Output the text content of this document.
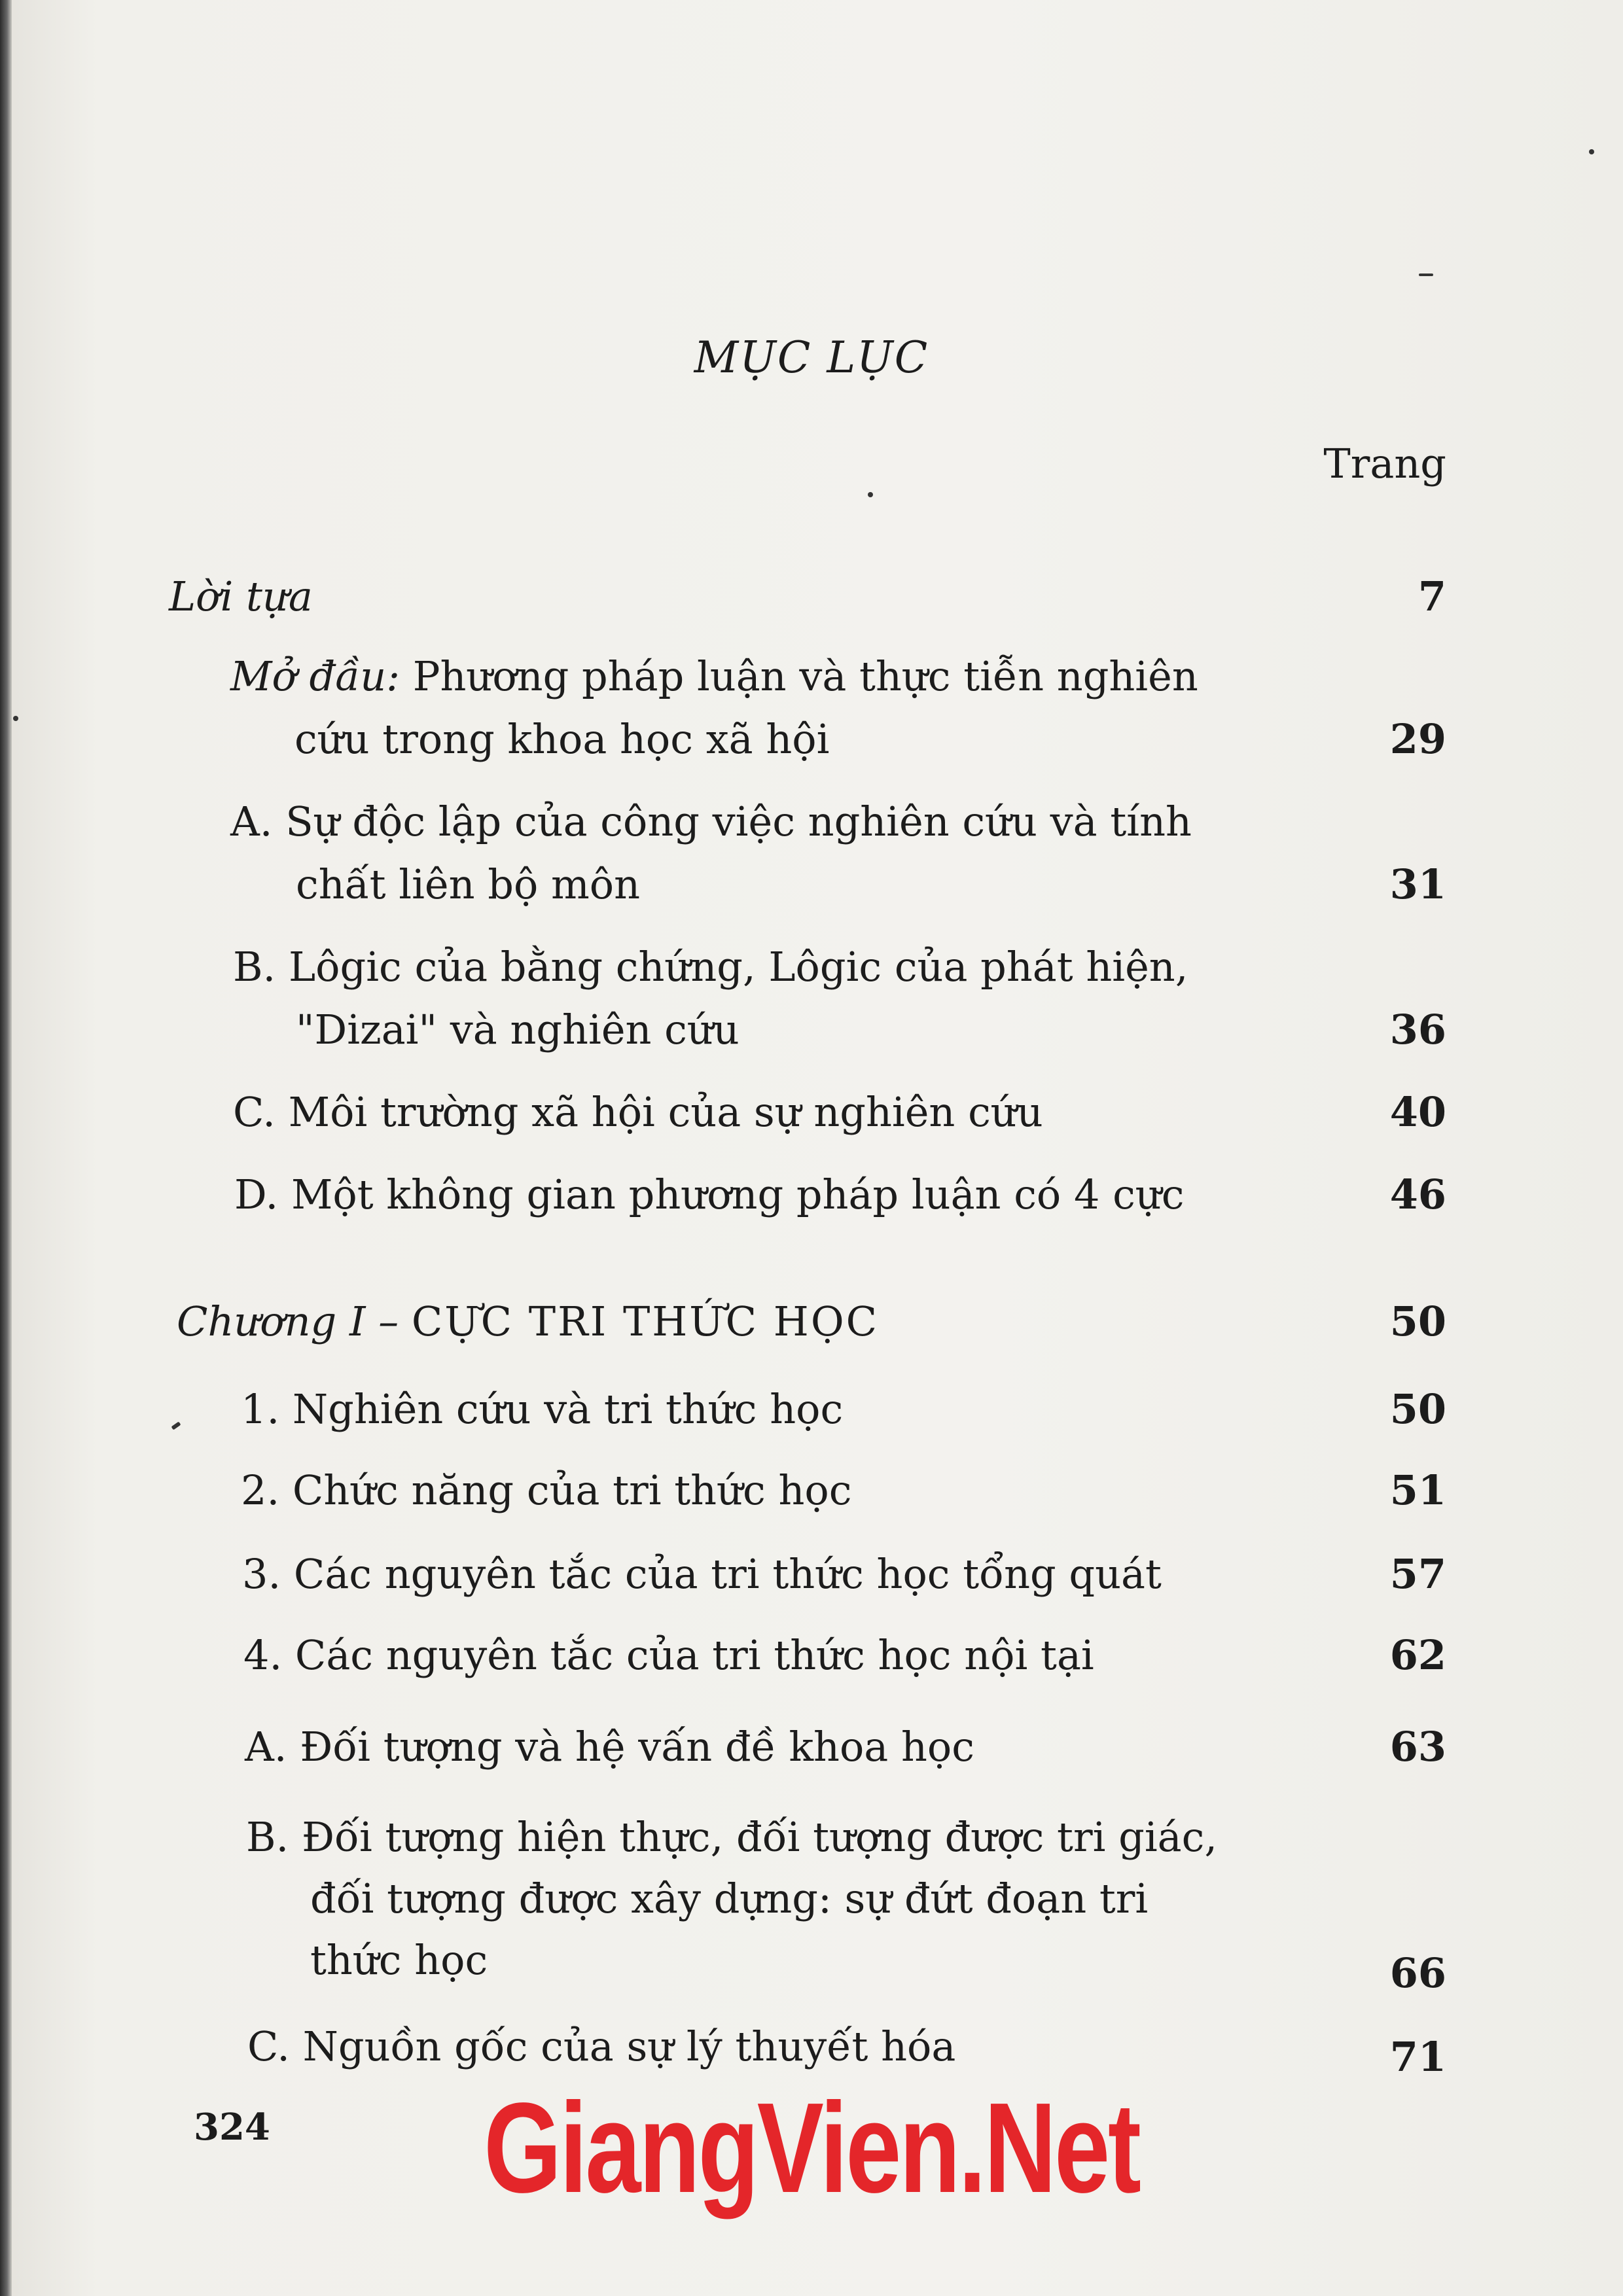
MỤC LỤC
Trang
Lời tựa	7
Mở đầu: Phương pháp luận và thực tiễn nghiên
cứu trong khoa học xã hội	29
A. Sự độc lập của công việc nghiên cứu và tính
chất liên bộ môn	31
B. Lôgic của bằng chứng, Lôgic của phát hiện,
"Dizai" và nghiên cứu	36
C. Môi trường xã hội của sự nghiên cứu	40
D. Một không gian phương pháp luận có 4 cực	46
Chương I – CỰC TRI THỨC HỌC	50
1. Nghiên cứu và tri thức học	50
2. Chức năng của tri thức học	51
3. Các nguyên tắc của tri thức học tổng quát	57
4. Các nguyên tắc của tri thức học nội tại	62
A. Đối tượng và hệ vấn đề khoa học	63
B. Đối tượng hiện thực, đối tượng được tri giác,
đối tượng được xây dựng: sự đứt đoạn tri
thức học	66
C. Nguồn gốc của sự lý thuyết hóa	71
324	GiangVien.Net
